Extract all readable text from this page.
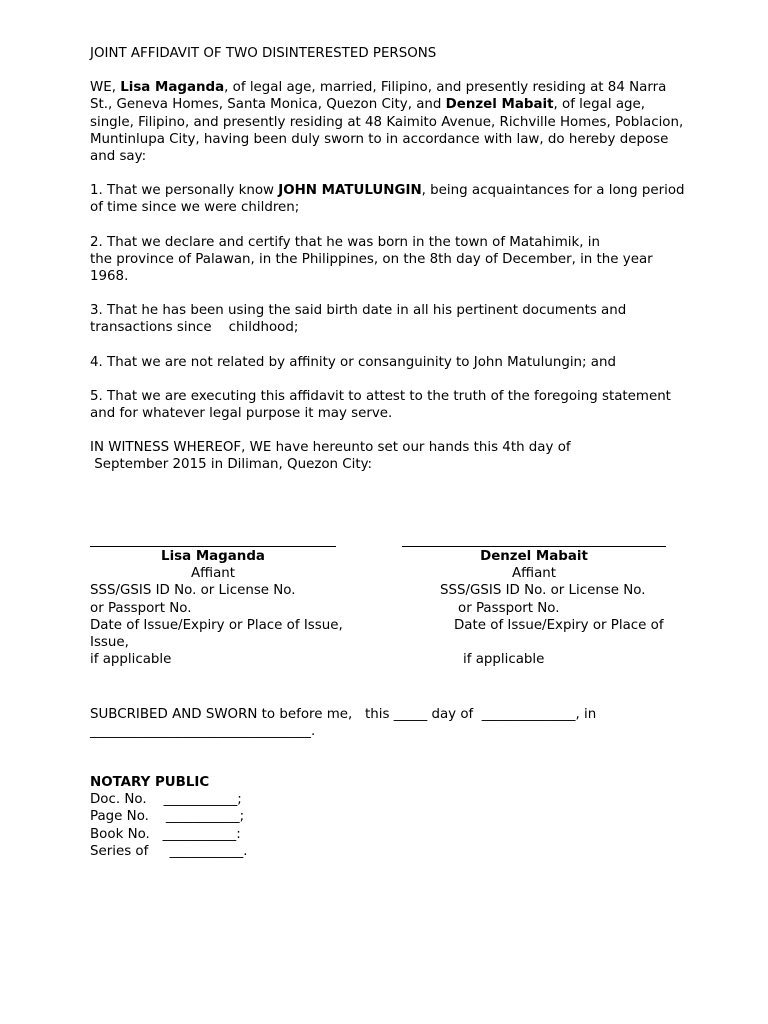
JOINT AFFIDAVIT OF TWO DISINTERESTED PERSONS

WE, Lisa Maganda, of legal age, married, Filipino, and presently residing at 84 Narra St., Geneva Homes, Santa Monica, Quezon City, and Denzel Mabait, of legal age, single, Filipino, and presently residing at 48 Kaimito Avenue, Richville Homes, Poblacion, Muntinlupa City, having been duly sworn to in accordance with law, do hereby depose and say:

1. That we personally know JOHN MATULUNGIN, being acquaintances for a long period of time since we were children;

2. That we declare and certify that he was born in the town of Matahimik, in
the province of Palawan, in the Philippines, on the 8th day of December, in the year 1968.

3. That he has been using the said birth date in all his pertinent documents and
transactions since    childhood;

4. That we are not related by affinity or consanguinity to John Matulungin; and

5. That we are executing this affidavit to attest to the truth of the foregoing statement and for whatever legal purpose it may serve.

IN WITNESS WHEREOF, WE have hereunto set our hands this 4th day of
September 2015 in Diliman, Quezon City:

Lisa Maganda
Affiant
SSS/GSIS ID No. or License No.
or Passport No.
Date of Issue/Expiry or Place of Issue,
Issue,
if applicable
Denzel Mabait
Affiant
SSS/GSIS ID No. or License No.
or Passport No.
Date of Issue/Expiry or Place of
if applicable
SUBCRIBED AND SWORN to before me,   this _____ day of  ______________, in
_________________________________.
NOTARY PUBLIC
Doc. No.    ___________;
Page No.    ___________;
Book No.   ___________:
Series of     ___________.
